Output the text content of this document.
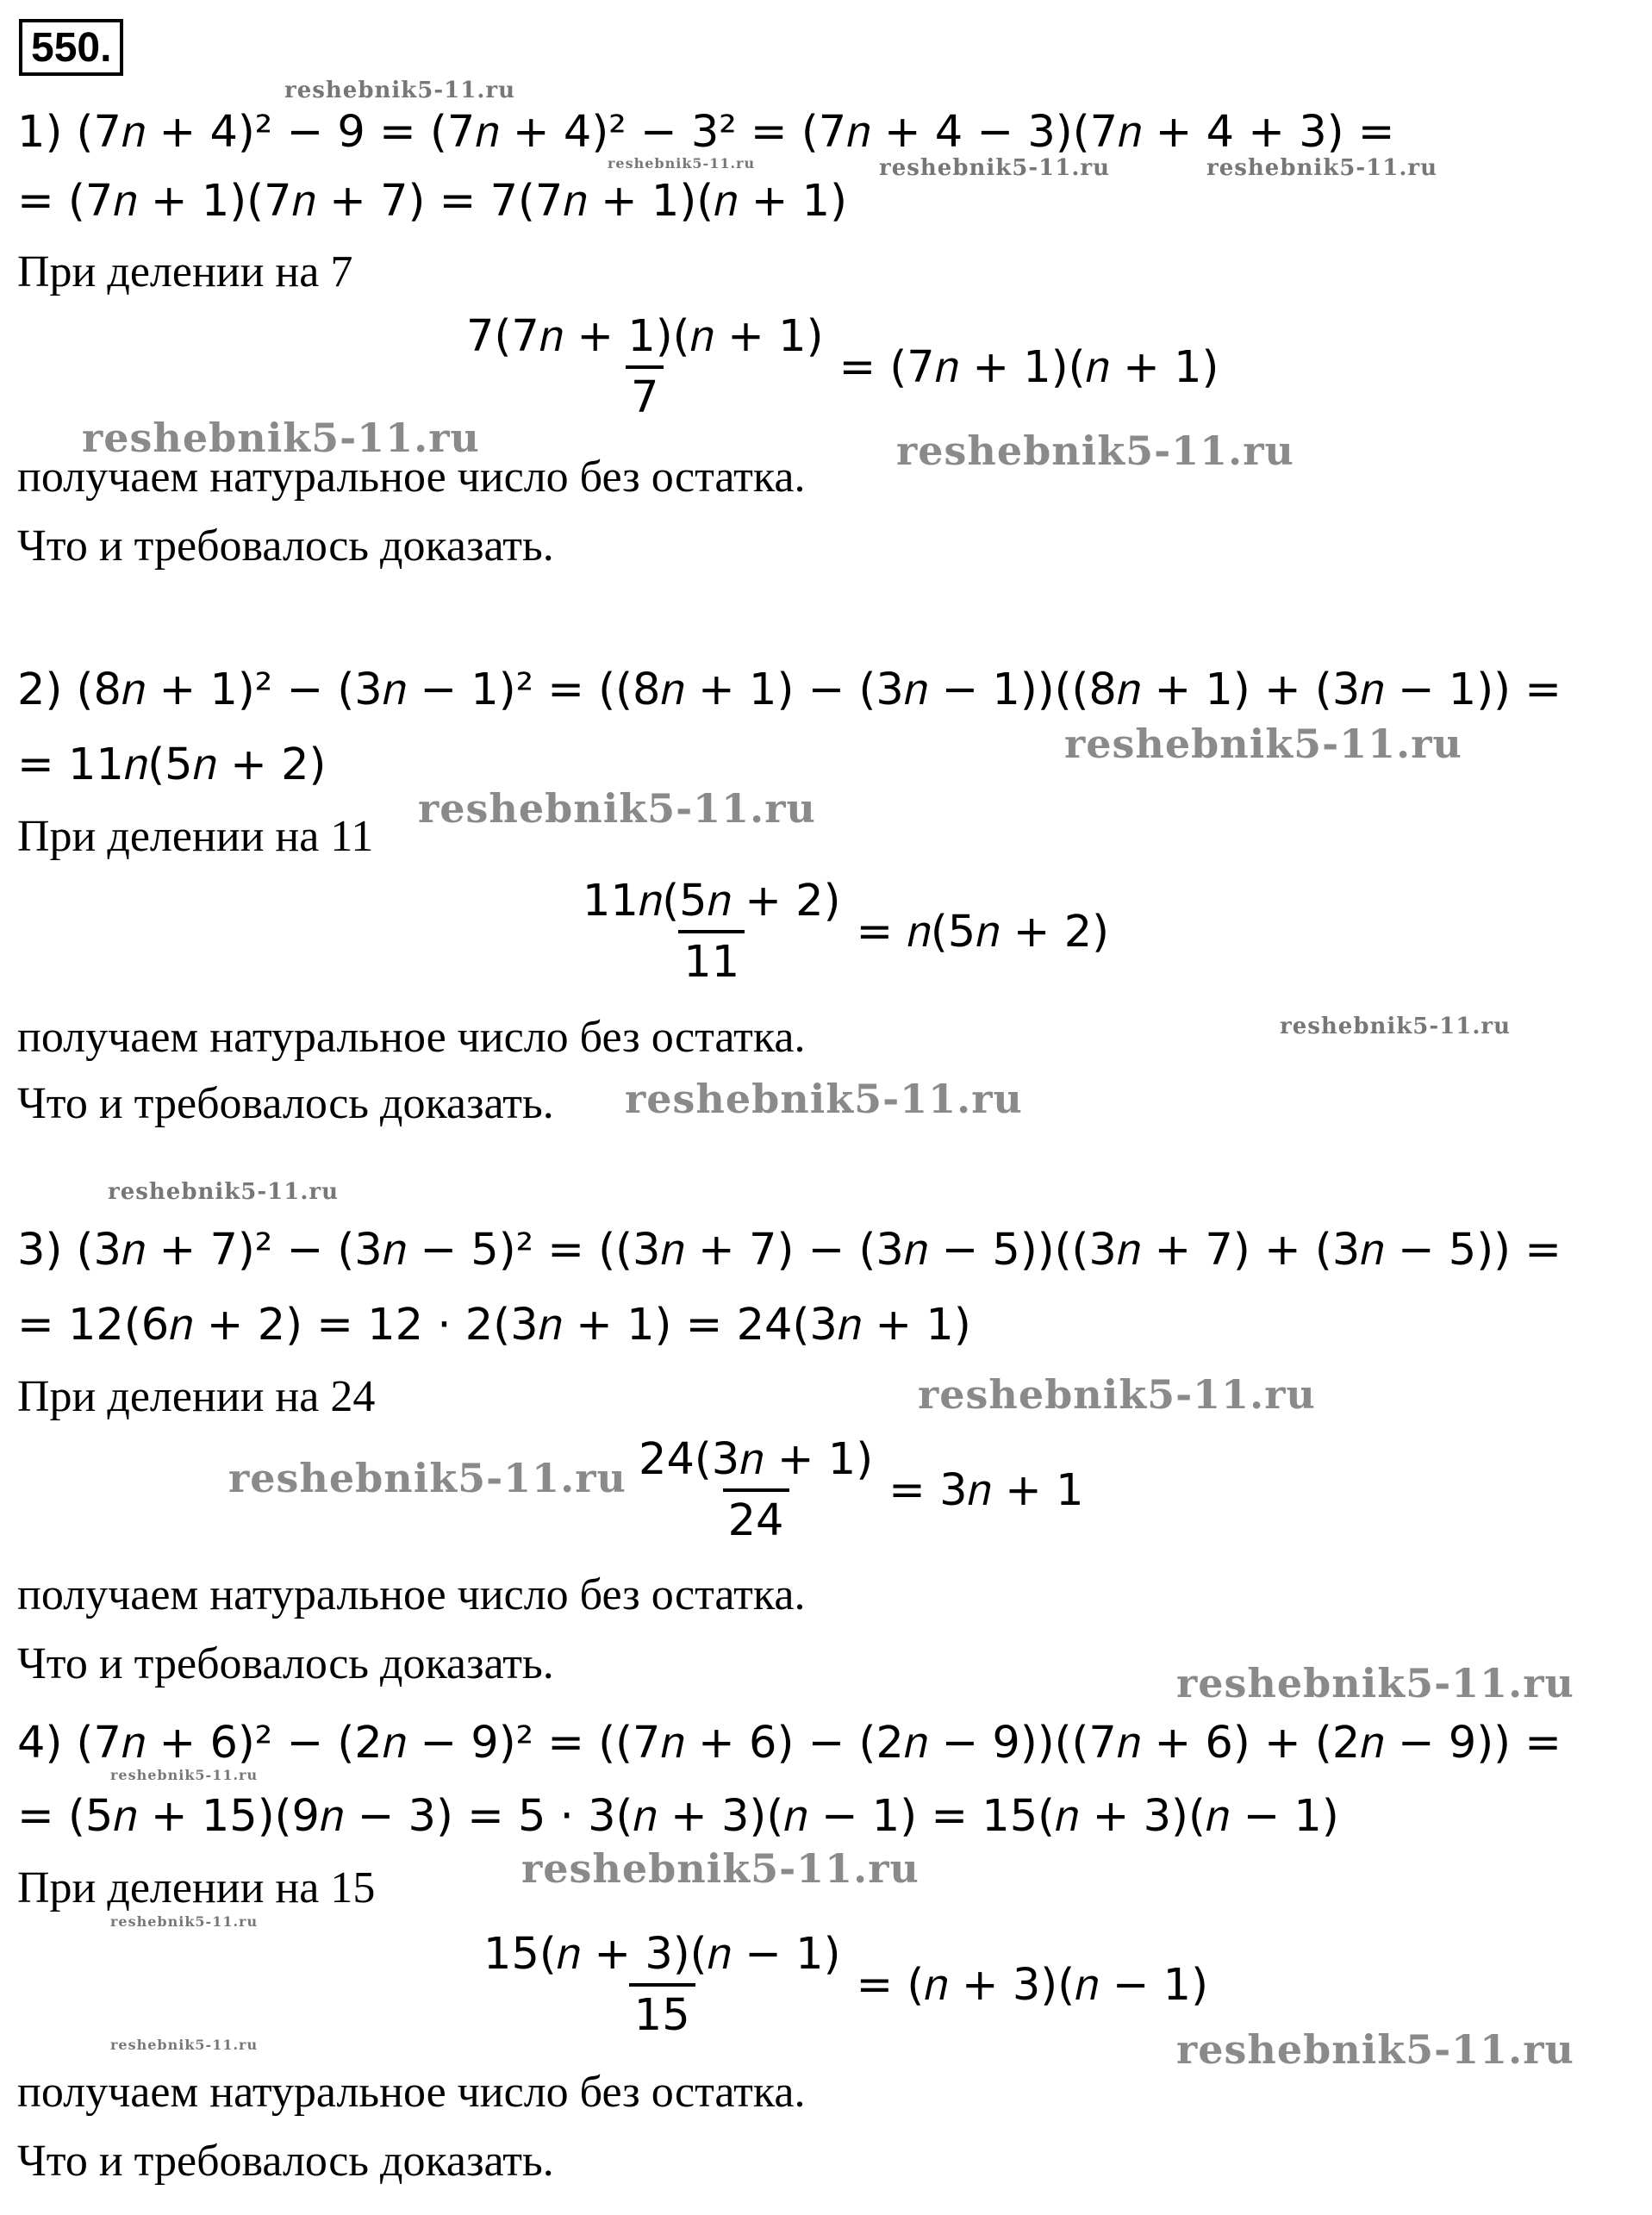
550.
1) (7𝑛 + 4)² − 9 = (7𝑛 + 4)² − 3² = (7𝑛 + 4 − 3)(7𝑛 + 4 + 3) =
= (7𝑛 + 1)(7𝑛 + 7) = 7(7𝑛 + 1)(𝑛 + 1)
При делении на 7
$\frac{\text{7(7𝑛 + 1)(𝑛 + 1)}}{7}$ = (7𝑛 + 1)(𝑛 + 1)
получаем натуральное число без остатка.
Что и требовалось доказать.
2) (8𝑛 + 1)² − (3𝑛 − 1)² = ((8𝑛 + 1) − (3𝑛 − 1))((8𝑛 + 1) + (3𝑛 − 1)) =
= 11𝑛(5𝑛 + 2)
При делении на 11
$\frac{\text{11𝑛(5𝑛 + 2)}}{11}$ = 𝑛(5𝑛 + 2)
получаем натуральное число без остатка.
Что и требовалось доказать.
3) (3𝑛 + 7)² − (3𝑛 − 5)² = ((3𝑛 + 7) − (3𝑛 − 5))((3𝑛 + 7) + (3𝑛 − 5)) =
= 12(6𝑛 + 2) = 12 · 2(3𝑛 + 1) = 24(3𝑛 + 1)
При делении на 24
$\frac{\text{24(3𝑛 + 1)}}{24}$ = 3𝑛 + 1
получаем натуральное число без остатка.
Что и требовалось доказать.
4) (7𝑛 + 6)² − (2𝑛 − 9)² = ((7𝑛 + 6) − (2𝑛 − 9))((7𝑛 + 6) + (2𝑛 − 9)) =
= (5𝑛 + 15)(9𝑛 − 3) = 5 · 3(𝑛 + 3)(𝑛 − 1) = 15(𝑛 + 3)(𝑛 − 1)
При делении на 15
$\frac{\text{15(𝑛 + 3)(𝑛 − 1)}}{15}$ = (𝑛 + 3)(𝑛 − 1)
получаем натуральное число без остатка.
Что и требовалось доказать.
reshebnik5-11.ru
reshebnik5-11.ru	reshebnik5-11.ru	reshebnik5-11.ru
reshebnik5-11.ru	reshebnik5-11.ru
reshebnik5-11.ru
reshebnik5-11.ru
reshebnik5-11.ru
reshebnik5-11.ru
reshebnik5-11.ru
reshebnik5-11.ru
reshebnik5-11.ru
reshebnik5-11.ru
reshebnik5-11.ru
reshebnik5-11.ru
reshebnik5-11.ru
reshebnik5-11.ru	reshebnik5-11.ru
